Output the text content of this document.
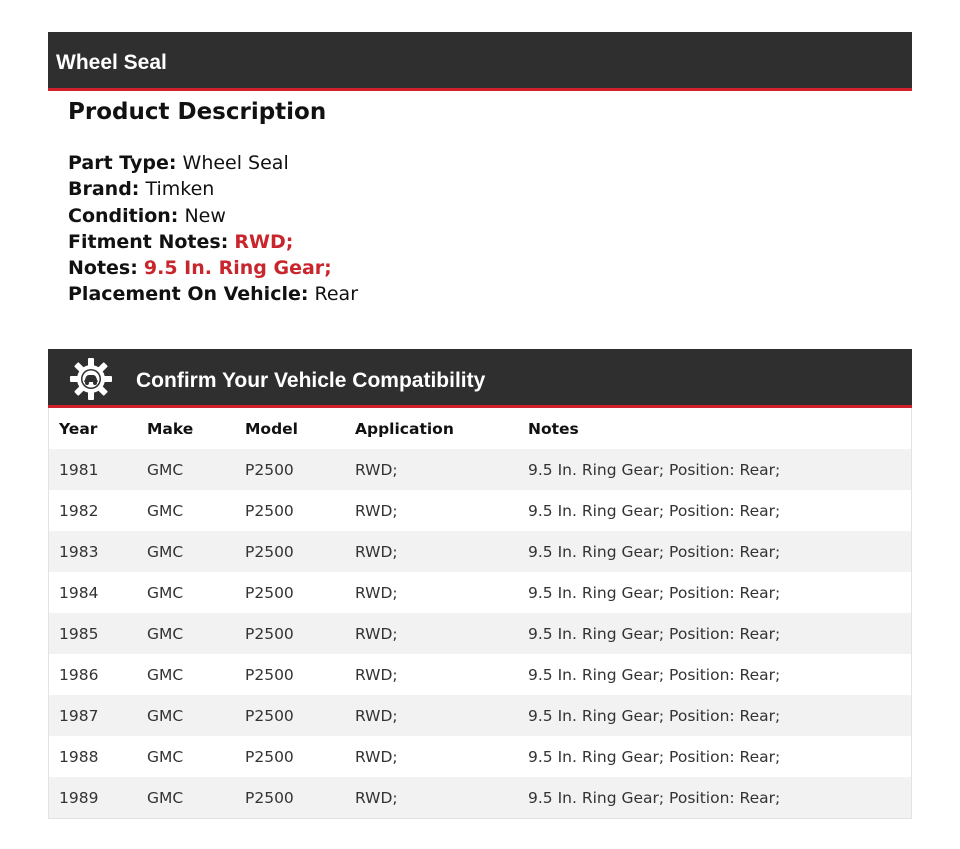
Wheel Seal
Product Description
Part Type: Wheel Seal
Brand: Timken
Condition: New
Fitment Notes: RWD;
Notes: 9.5 In. Ring Gear;
Placement On Vehicle: Rear
Confirm Your Vehicle Compatibility
Year	Make	Model	Application	Notes
1981	GMC	P2500	RWD;	9.5 In. Ring Gear; Position: Rear;
1982	GMC	P2500	RWD;	9.5 In. Ring Gear; Position: Rear;
1983	GMC	P2500	RWD;	9.5 In. Ring Gear; Position: Rear;
1984	GMC	P2500	RWD;	9.5 In. Ring Gear; Position: Rear;
1985	GMC	P2500	RWD;	9.5 In. Ring Gear; Position: Rear;
1986	GMC	P2500	RWD;	9.5 In. Ring Gear; Position: Rear;
1987	GMC	P2500	RWD;	9.5 In. Ring Gear; Position: Rear;
1988	GMC	P2500	RWD;	9.5 In. Ring Gear; Position: Rear;
1989	GMC	P2500	RWD;	9.5 In. Ring Gear; Position: Rear;
